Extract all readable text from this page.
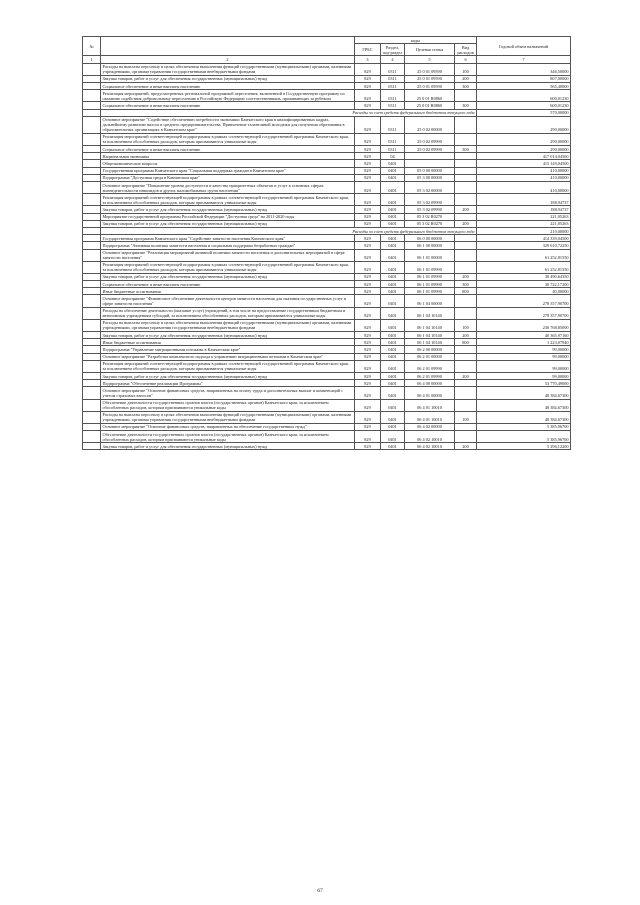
№		коды				Годовой объем назначений
		ГРБС	Раздел, под-раздел	Целевая статья	Вид расходов	
1	2	3	4	5	6	7
	Расходы на выплаты персоналу в целях обеспечения выполнения функций государственными (муниципальными) органами, казенными учреждениями, органами управления государственными внебюджетными фондами	829	0311	25 0 01 09590	100	346,50000
	Закупка товаров, работ и услуг для обеспечения государственных (муниципальных) нужд	829	0311	25 0 01 09590	200	807,00000
	Социальное обеспечение и иные выплаты населению	829	0311	25 0 01 09590	300	565,40000
	Реализация мероприятий, предусмотренных региональной программой переселения, включенной в Государственную программу по оказанию содействия добровольному переселению в Российскую Федерацию соотечественников, проживающих за рубежом	829	0311	25 0 01 R0860		600,01230
	Социальное обеспечение и иные выплаты населению	829	0311	25 0 01 R0860	300	600,01230
	Расходы за счет средств федерального бюджетов текущего года					570,00000
	Основное мероприятие "Содействие обеспечению потребности экономики Камчатского края в квалифицированных кадрах, дальнейшему развитию налога в среднего предпринимательства. Привлечение талантливой молодежи для получения образования в образовательных организациях в Камчатском крае"	829	0311	25 0 02 00000		290,00000
	Реализация мероприятий соответствующей подпрограммы в рамках соответствующей государственной программы Камчатского края, за исключением обособленных расходов, которым присваиваются уникальные коды	829	0311	25 0 02 09990		290,00000
	Социальное обеспечение и иные выплаты населению	829	0311	25 0 02 09990	300	290,00000
	Национальная экономика	829	04			417 014,04500
	Общеэкономические вопросы	829	0401			415 149,04500
	Государственная программа Камчатского края "Социальная поддержка граждан в Камчатском крае"	829	0401	05 0 00 00000		410,00000
	Подпрограмма "Доступная среда в Камчатском крае"	829	0401	05 3 00 00000		410,00000
	Основное мероприятие "Повышение уровня доступности и качества приоритетных объектов и услуг в основных сферах жизнедеятельности инвалидов и других маломобильных групп населения"	829	0401	05 3 02 00000		410,00000
	Реализация мероприятий соответствующей подпрограммы в рамках соответствующей государственной программы Камчатского края, за исключением обособленных расходов, которым присваиваются уникальные коды	829	0401	05 3 02 09990		188,94737
	Закупка товаров, работ и услуг для обеспечения государственных (муниципальных) нужд	829	0401	05 3 02 09990	200	188,94737
	Мероприятие государственной программы Российской Федерации "Доступная среда" на 2011-2020 годы	829	0401	05 3 02 R0270		221,05263
	Закупка товаров, работ и услуг для обеспечения государственных (муниципальных) нужд	829	0401	05 3 02 R0270	200	221,05263
	Расходы за счет средств федерального бюджетов текущего года					210,00000
	Государственная программа Камчатского края "Содействие занятости населения Камчатского края"	829	0401	06 0 00 00000		414 339,04500
	Подпрограмма "Активная политика занятости населения и социальная поддержка безработных граждан"	829	0401	06 1 00 00000		329 610,72250
	Основное мероприятие "Реализация мероприятий активной политики занятости населения и дополнительных мероприятий в сфере занятости населения"	829	0401	06 1 01 00000		61 252,81550
	Реализация мероприятий соответствующей подпрограммы в рамках соответствующей государственной программы Камчатского края, за исключением обособленных расходов, которым присваиваются уникальные коды	829	0401	06 1 01 09990		61 252,81550
	Закупка товаров, работ и услуг для обеспечения государственных (муниципальных) нужд	829	0401	06 1 01 09990	200	30 490,64350
	Социальное обеспечение и иные выплаты населению	829	0401	06 1 01 09990	300	30 722,17200
	Иные бюджетные ассигнования	829	0401	06 1 01 09990	800	40,00000
	Основное мероприятие "Финансовое обеспечение деятельности центров занятости населения для оказания государственных услуг в сфере занятости населения"	829	0401	06 1 04 00000		278 357,90700
	Расходы на обеспечение деятельности (оказание услуг) учреждений, в том числе на предоставление государственным бюджетным и автономным учреждениям субсидий, за исключением обособленных расходов, которым присваиваются уникальные коды	829	0401	06 1 04 10140		278 357,90700
	Расходы на выплаты персоналу в целях обеспечения выполнения функций государственными (муниципальными) органами, казенными учреждениями, органами управления государственными внебюджетными фондами	829	0401	06 1 04 10140	100	236 768,85000
	Закупка товаров, работ и услуг для обеспечения государственных (муниципальных) нужд	829	0401	06 1 04 10140	200	40 365,97160
	Иные бюджетные ассигнования	829	0401	06 1 04 10140	800	1 223,07940
	Подпрограмма "Управление миграционными потоками в Камчатском крае"	829	0401	06 2 00 00000		99,00000
	Основное мероприятие "Разработка комплексного подхода к управлению миграционными потоками в Камчатском крае"	829	0401	06 2 01 00000		99,00000
	Реализация мероприятий соответствующей подпрограммы в рамках соответствующей государственной программы Камчатского края, за исключением обособленных расходов, которым присваиваются уникальные коды	829	0401	06 2 01 09990		99,00000
	Закупка товаров, работ и услуг для обеспечения государственных (муниципальных) нужд	829	0401	06 2 01 09990	200	99,00000
	Подпрограмма "Обеспечение реализации Программы"	829	0401	06 4 00 00000		53 770,49000
	Основное мероприятие "Освоение финансовых средств, направленных на оплату труда и дополнительных выплат и компенсаций с учетом страховых взносов"	829	0401	06 4 01 00000		48 384,67300
	Обеспечение деятельности государственных органов власти (государственных органов) Камчатского края, за исключением обособленных расходов, которым присваиваются уникальные коды	829	0401	06 4 01 10010		48 384,67300
	Расходы на выплаты персоналу в целях обеспечения выполнения функций государственными (муниципальными) органами, казенными учреждениями, органами управления государственными внебюджетными фондами	829	0401	06 4 01 10010	100	48 384,67300
	Основное мероприятие "Освоение финансовых средств, направленных на обеспечение государственных нужд"	829	0401	06 4 02 00000		5 385,96700
	Обеспечение деятельности государственных органов власти (государственных органов) Камчатского края, за исключением обособленных расходов, которым присваиваются уникальные коды	829	0401	06 4 02 10010		5 385,96700
	Закупка товаров, работ и услуг для обеспечения государственных (муниципальных) нужд	829	0401	06 4 02 10010	200	5 296,12200
67
